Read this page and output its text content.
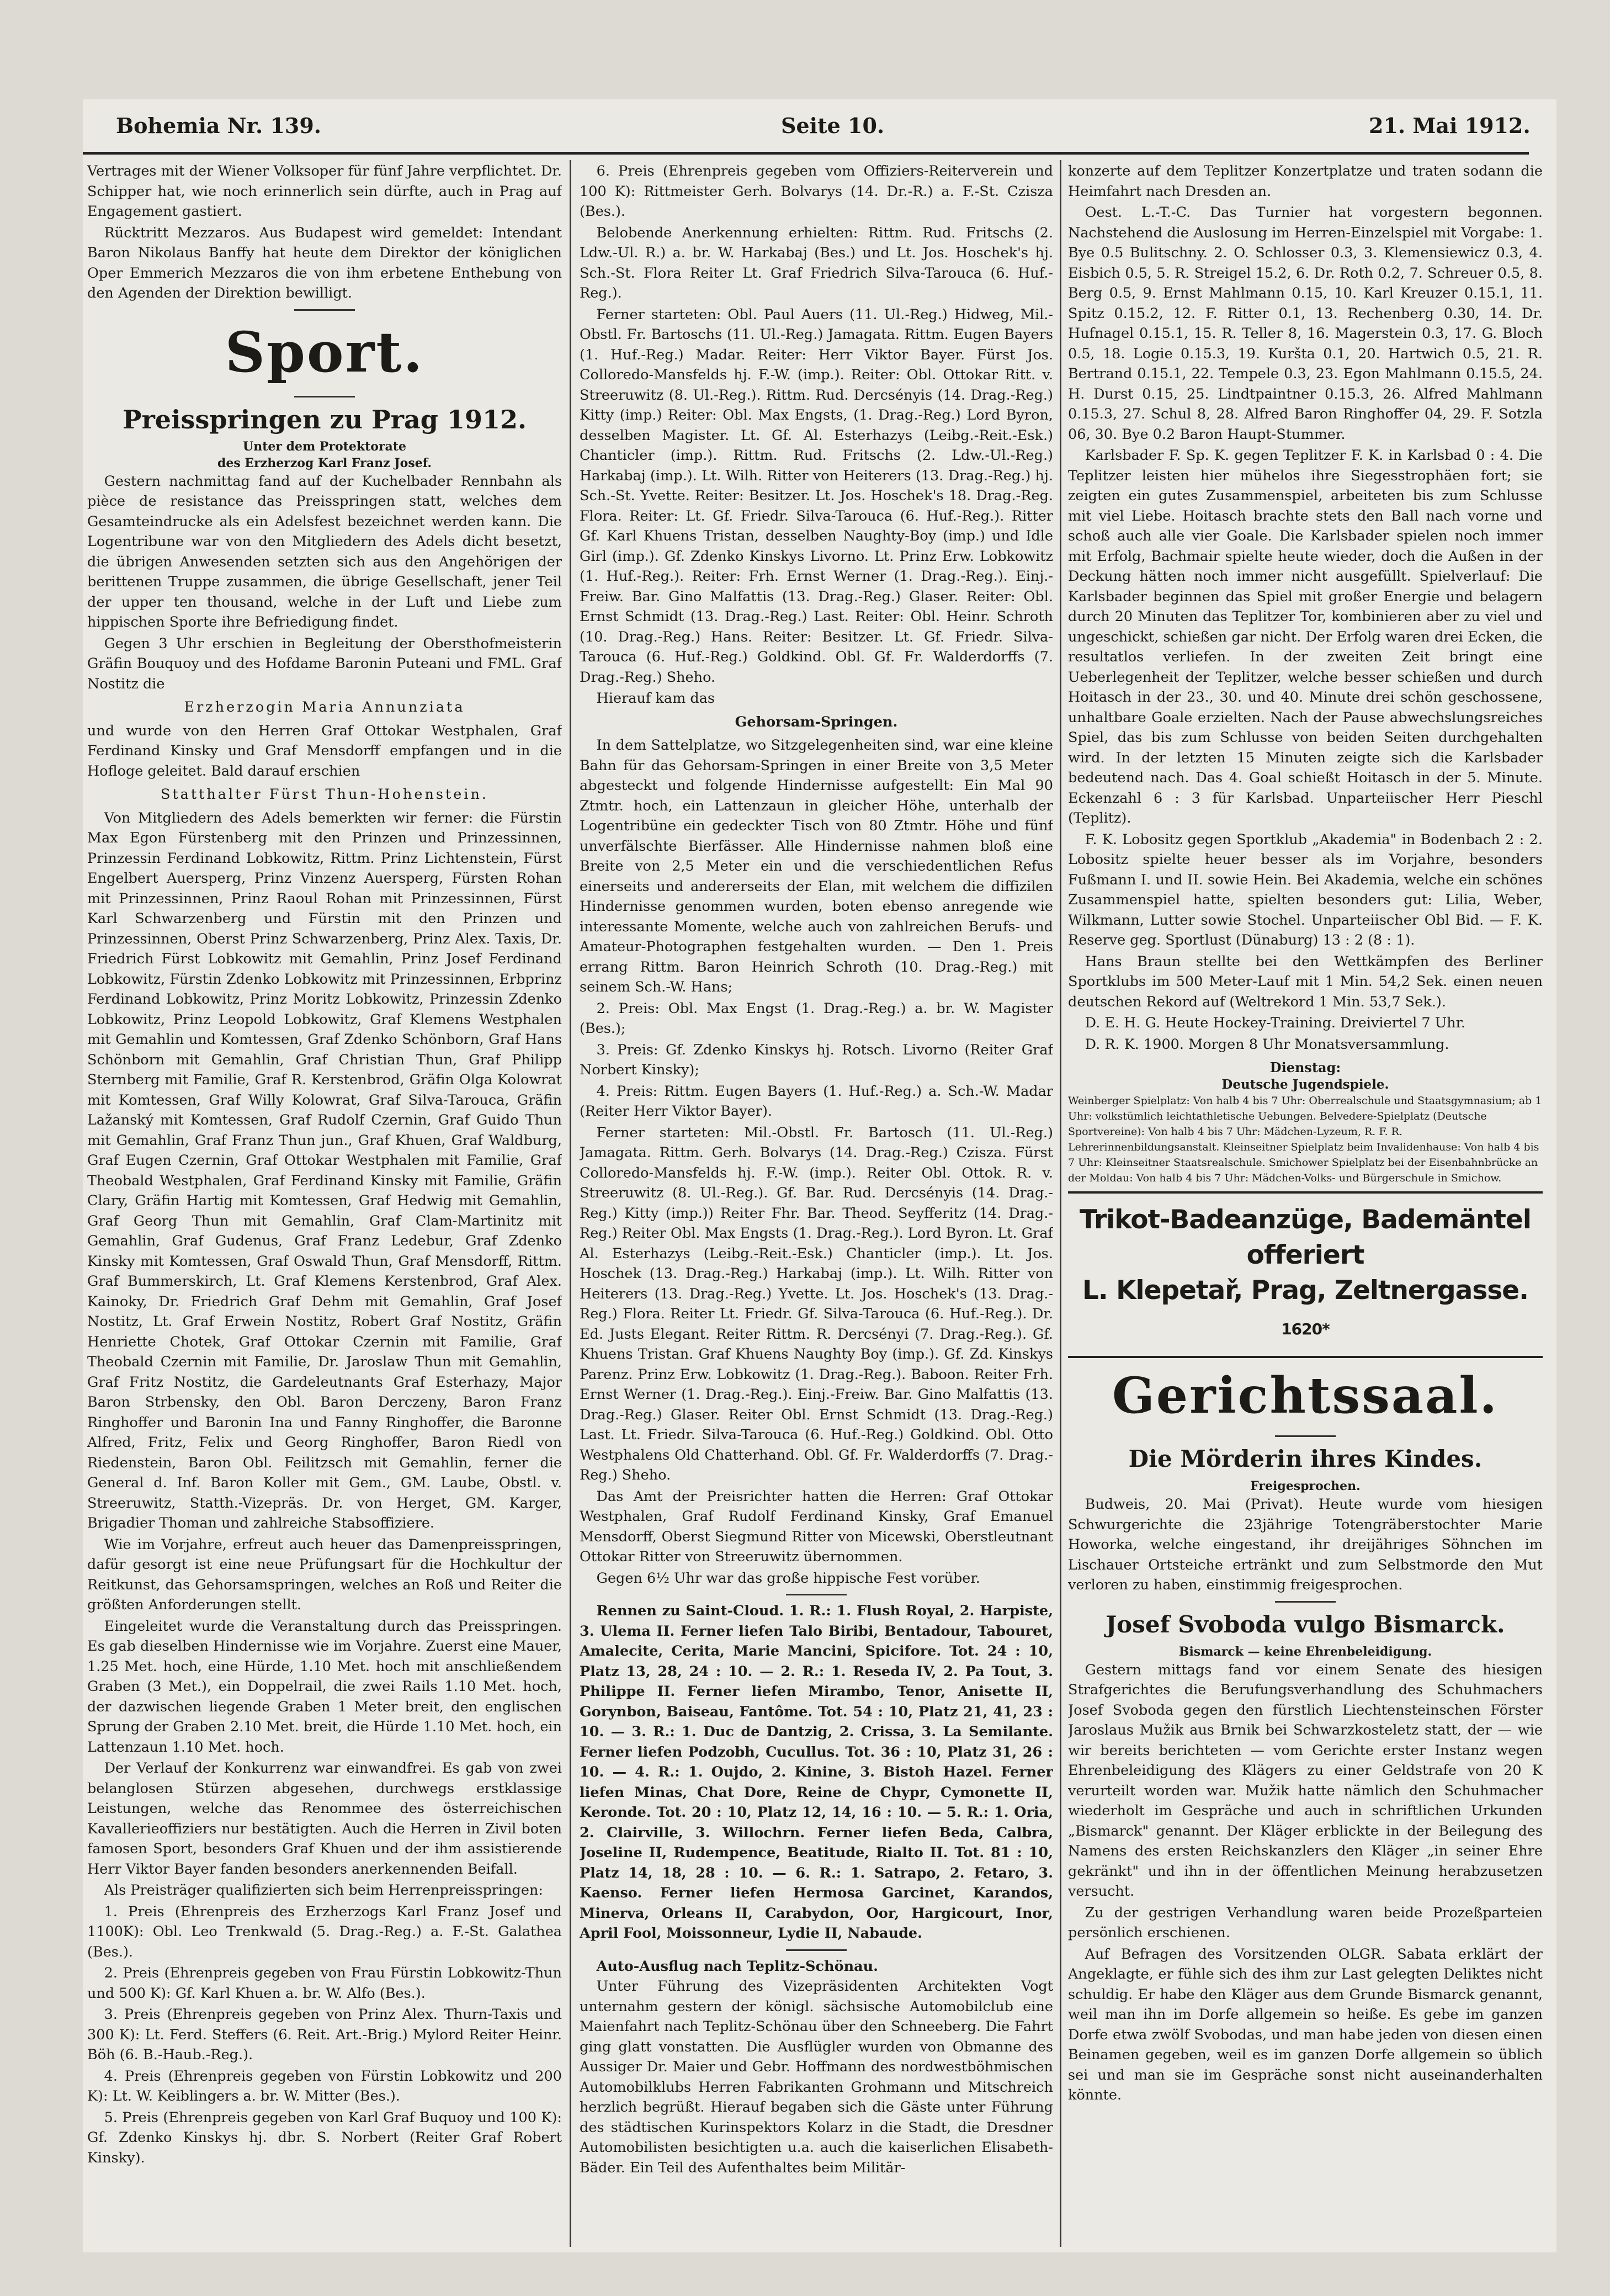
Bohemia Nr. 139.	Seite 10.	21. Mai 1912.

Vertrages mit der Wiener Volksoper für fünf Jahre verpflichtet. Dr. Schipper hat, wie noch erinnerlich sein dürfte, auch in Prag auf Engagement gastiert.

Rücktritt Mezzaros. Aus Budapest wird gemeldet: Intendant Baron Nikolaus Banffy hat heute dem Direktor der königlichen Oper Emmerich Mezzaros die von ihm erbetene Enthebung von den Agenden der Direktion bewilligt.

Sport.
Preisspringen zu Prag 1912.
Unter dem Protektorate
des Erzherzog Karl Franz Josef.

Gestern nachmittag fand auf der Kuchelbader Rennbahn als pièce de resistance das Preisspringen statt, welches dem Gesamteindrucke als ein Adelsfest bezeichnet werden kann. Die Logentribune war von den Mitgliedern des Adels dicht besetzt, die übrigen Anwesenden setzten sich aus den Angehörigen der berittenen Truppe zusammen, die übrige Gesellschaft, jener Teil der upper ten thousand, welche in der Luft und Liebe zum hippischen Sporte ihre Befriedigung findet.

Gegen 3 Uhr erschien in Begleitung der Obersthofmeisterin Gräfin Bouquoy und des Hofdame Baronin Puteani und FML. Graf Nostitz die

Erzherzogin Maria Annunziata

und wurde von den Herren Graf Ottokar Westphalen, Graf Ferdinand Kinsky und Graf Mensdorff empfangen und in die Hofloge geleitet. Bald darauf erschien

Statthalter Fürst Thun-Hohenstein.

Von Mitgliedern des Adels bemerkten wir ferner: die Fürstin Max Egon Fürstenberg mit den Prinzen und Prinzessinnen, Prinzessin Ferdinand Lobkowitz, Rittm. Prinz Lichtenstein, Fürst Engelbert Auersperg, Prinz Vinzenz Auersperg, Fürsten Rohan mit Prinzessinnen, Prinz Raoul Rohan mit Prinzessinnen, Fürst Karl Schwarzenberg und Fürstin mit den Prinzen und Prinzessinnen, Oberst Prinz Schwarzenberg, Prinz Alex. Taxis, Dr. Friedrich Fürst Lobkowitz mit Gemahlin, Prinz Josef Ferdinand Lobkowitz, Fürstin Zdenko Lobkowitz mit Prinzessinnen, Erbprinz Ferdinand Lobkowitz, Prinz Moritz Lobkowitz, Prinzessin Zdenko Lobkowitz, Prinz Leopold Lobkowitz, Graf Klemens Westphalen mit Gemahlin und Komtessen, Graf Zdenko Schönborn, Graf Hans Schönborn mit Gemahlin, Graf Christian Thun, Graf Philipp Sternberg mit Familie, Graf R. Kerstenbrod, Gräfin Olga Kolowrat mit Komtessen, Graf Willy Kolowrat, Graf Silva-Tarouca, Gräfin Lažanský mit Komtessen, Graf Rudolf Czernin, Graf Guido Thun mit Gemahlin, Graf Franz Thun jun., Graf Khuen, Graf Waldburg, Graf Eugen Czernin, Graf Ottokar Westphalen mit Familie, Graf Theobald Westphalen, Graf Ferdinand Kinsky mit Familie, Gräfin Clary, Gräfin Hartig mit Komtessen, Graf Hedwig mit Gemahlin, Graf Georg Thun mit Gemahlin, Graf Clam-Martinitz mit Gemahlin, Graf Gudenus, Graf Franz Ledebur, Graf Zdenko Kinsky mit Komtessen, Graf Oswald Thun, Graf Mensdorff, Rittm. Graf Bummerskirch, Lt. Graf Klemens Kerstenbrod, Graf Alex. Kainoky, Dr. Friedrich Graf Dehm mit Gemahlin, Graf Josef Nostitz, Lt. Graf Erwein Nostitz, Robert Graf Nostitz, Gräfin Henriette Chotek, Graf Ottokar Czernin mit Familie, Graf Theobald Czernin mit Familie, Dr. Jaroslaw Thun mit Gemahlin, Graf Fritz Nostitz, die Gardeleutnants Graf Esterhazy, Major Baron Strbensky, den Obl. Baron Derczeny, Baron Franz Ringhoffer und Baronin Ina und Fanny Ringhoffer, die Baronne Alfred, Fritz, Felix und Georg Ringhoffer, Baron Riedl von Riedenstein, Baron Obl. Feilitzsch mit Gemahlin, ferner die General d. Inf. Baron Koller mit Gem., GM. Laube, Obstl. v. Streeruwitz, Statth.-Vizepräs. Dr. von Herget, GM. Karger, Brigadier Thoman und zahlreiche Stabsoffiziere.

Wie im Vorjahre, erfreut auch heuer das Damenpreisspringen, dafür gesorgt ist eine neue Prüfungsart für die Hochkultur der Reitkunst, das Gehorsamspringen, welches an Roß und Reiter die größten Anforderungen stellt.

Eingeleitet wurde die Veranstaltung durch das Preisspringen. Es gab dieselben Hindernisse wie im Vorjahre. Zuerst eine Mauer, 1.25 Met. hoch, eine Hürde, 1.10 Met. hoch mit anschließendem Graben (3 Met.), ein Doppelrail, die zwei Rails 1.10 Met. hoch, der dazwischen liegende Graben 1 Meter breit, den englischen Sprung der Graben 2.10 Met. breit, die Hürde 1.10 Met. hoch, ein Lattenzaun 1.10 Met. hoch.

Der Verlauf der Konkurrenz war einwandfrei. Es gab von zwei belanglosen Stürzen abgesehen, durchwegs erstklassige Leistungen, welche das Renommee des österreichischen Kavallerieoffiziers nur bestätigten. Auch die Herren in Zivil boten famosen Sport, besonders Graf Khuen und der ihm assistierende Herr Viktor Bayer fanden besonders anerkennenden Beifall.

Als Preisträger qualifizierten sich beim Herrenpreisspringen:

1. Preis (Ehrenpreis des Erzherzogs Karl Franz Josef und 1100K): Obl. Leo Trenkwald (5. Drag.-Reg.) a. F.-St. Galathea (Bes.).

2. Preis (Ehrenpreis gegeben von Frau Fürstin Lobkowitz-Thun und 500 K): Gf. Karl Khuen a. br. W. Alfo (Bes.).

3. Preis (Ehrenpreis gegeben von Prinz Alex. Thurn-Taxis und 300 K): Lt. Ferd. Steffers (6. Reit. Art.-Brig.) Mylord Reiter Heinr. Böh (6. B.-Haub.-Reg.).

4. Preis (Ehrenpreis gegeben von Fürstin Lobkowitz und 200 K): Lt. W. Keiblingers a. br. W. Mitter (Bes.).

5. Preis (Ehrenpreis gegeben von Karl Graf Buquoy und 100 K): Gf. Zdenko Kinskys hj. dbr. S. Norbert (Reiter Graf Robert Kinsky).

6. Preis (Ehrenpreis gegeben vom Offiziers-Reiterverein und 100 K): Rittmeister Gerh. Bolvarys (14. Dr.-R.) a. F.-St. Czisza (Bes.).

Belobende Anerkennung erhielten: Rittm. Rud. Fritschs (2. Ldw.-Ul. R.) a. br. W. Harkabaj (Bes.) und Lt. Jos. Hoschek's hj. Sch.-St. Flora Reiter Lt. Graf Friedrich Silva-Tarouca (6. Huf.-Reg.).

Ferner starteten: Obl. Paul Auers (11. Ul.-Reg.) Hidweg, Mil.-Obstl. Fr. Bartoschs (11. Ul.-Reg.) Jamagata. Rittm. Eugen Bayers (1. Huf.-Reg.) Madar. Reiter: Herr Viktor Bayer. Fürst Jos. Colloredo-Mansfelds hj. F.-W. (imp.). Reiter: Obl. Ottokar Ritt. v. Streeruwitz (8. Ul.-Reg.). Rittm. Rud. Dercsényis (14. Drag.-Reg.) Kitty (imp.) Reiter: Obl. Max Engsts, (1. Drag.-Reg.) Lord Byron, desselben Magister. Lt. Gf. Al. Esterhazys (Leibg.-Reit.-Esk.) Chanticler (imp.). Rittm. Rud. Fritschs (2. Ldw.-Ul.-Reg.) Harkabaj (imp.). Lt. Wilh. Ritter von Heiterers (13. Drag.-Reg.) hj. Sch.-St. Yvette. Reiter: Besitzer. Lt. Jos. Hoschek's 18. Drag.-Reg. Flora. Reiter: Lt. Gf. Friedr. Silva-Tarouca (6. Huf.-Reg.). Ritter Gf. Karl Khuens Tristan, desselben Naughty-Boy (imp.) und Idle Girl (imp.). Gf. Zdenko Kinskys Livorno. Lt. Prinz Erw. Lobkowitz (1. Huf.-Reg.). Reiter: Frh. Ernst Werner (1. Drag.-Reg.). Einj.-Freiw. Bar. Gino Malfattis (13. Drag.-Reg.) Glaser. Reiter: Obl. Ernst Schmidt (13. Drag.-Reg.) Last. Reiter: Obl. Heinr. Schroth (10. Drag.-Reg.) Hans. Reiter: Besitzer. Lt. Gf. Friedr. Silva-Tarouca (6. Huf.-Reg.) Goldkind. Obl. Gf. Fr. Walderdorffs (7. Drag.-Reg.) Sheho.

Hierauf kam das

Gehorsam-Springen.

In dem Sattelplatze, wo Sitzgelegenheiten sind, war eine kleine Bahn für das Gehorsam-Springen in einer Breite von 3,5 Meter abgesteckt und folgende Hindernisse aufgestellt: Ein Mal 90 Ztmtr. hoch, ein Lattenzaun in gleicher Höhe, unterhalb der Logentribüne ein gedeckter Tisch von 80 Ztmtr. Höhe und fünf unverfälschte Bierfässer. Alle Hindernisse nahmen bloß eine Breite von 2,5 Meter ein und die verschiedentlichen Refus einerseits und andererseits der Elan, mit welchem die diffizilen Hindernisse genommen wurden, boten ebenso anregende wie interessante Momente, welche auch von zahlreichen Berufs- und Amateur-Photographen festgehalten wurden. — Den 1. Preis errang Rittm. Baron Heinrich Schroth (10. Drag.-Reg.) mit seinem Sch.-W. Hans;

2. Preis: Obl. Max Engst (1. Drag.-Reg.) a. br. W. Magister (Bes.);

3. Preis: Gf. Zdenko Kinskys hj. Rotsch. Livorno (Reiter Graf Norbert Kinsky);

4. Preis: Rittm. Eugen Bayers (1. Huf.-Reg.) a. Sch.-W. Madar (Reiter Herr Viktor Bayer).

Ferner starteten: Mil.-Obstl. Fr. Bartosch (11. Ul.-Reg.) Jamagata. Rittm. Gerh. Bolvarys (14. Drag.-Reg.) Czisza. Fürst Colloredo-Mansfelds hj. F.-W. (imp.). Reiter Obl. Ottok. R. v. Streeruwitz (8. Ul.-Reg.). Gf. Bar. Rud. Dercsényis (14. Drag.-Reg.) Kitty (imp.)) Reiter Fhr. Bar. Theod. Seyfferitz (14. Drag.-Reg.) Reiter Obl. Max Engsts (1. Drag.-Reg.). Lord Byron. Lt. Graf Al. Esterhazys (Leibg.-Reit.-Esk.) Chanticler (imp.). Lt. Jos. Hoschek (13. Drag.-Reg.) Harkabaj (imp.). Lt. Wilh. Ritter von Heiterers (13. Drag.-Reg.) Yvette. Lt. Jos. Hoschek's (13. Drag.-Reg.) Flora. Reiter Lt. Friedr. Gf. Silva-Tarouca (6. Huf.-Reg.). Dr. Ed. Justs Elegant. Reiter Rittm. R. Dercsényi (7. Drag.-Reg.). Gf. Khuens Tristan. Graf Khuens Naughty Boy (imp.). Gf. Zd. Kinskys Parenz. Prinz Erw. Lobkowitz (1. Drag.-Reg.). Baboon. Reiter Frh. Ernst Werner (1. Drag.-Reg.). Einj.-Freiw. Bar. Gino Malfattis (13. Drag.-Reg.) Glaser. Reiter Obl. Ernst Schmidt (13. Drag.-Reg.) Last. Lt. Friedr. Silva-Tarouca (6. Huf.-Reg.) Goldkind. Obl. Otto Westphalens Old Chatterhand. Obl. Gf. Fr. Walderdorffs (7. Drag.-Reg.) Sheho.

Das Amt der Preisrichter hatten die Herren: Graf Ottokar Westphalen, Graf Rudolf Ferdinand Kinsky, Graf Emanuel Mensdorff, Oberst Siegmund Ritter von Micewski, Oberstleutnant Ottokar Ritter von Streeruwitz übernommen.

Gegen 6½ Uhr war das große hippische Fest vorüber.

Rennen zu Saint-Cloud. 1. R.: 1. Flush Royal, 2. Harpiste, 3. Ulema II. Ferner liefen Talo Biribi, Bentadour, Tabouret, Amalecite, Cerita, Marie Mancini, Spicifore. Tot. 24 : 10, Platz 13, 28, 24 : 10. — 2. R.: 1. Reseda IV, 2. Pa Tout, 3. Philippe II. Ferner liefen Mirambo, Tenor, Anisette II, Gorynbon, Baiseau, Fantôme. Tot. 54 : 10, Platz 21, 41, 23 : 10. — 3. R.: 1. Duc de Dantzig, 2. Crissa, 3. La Semilante. Ferner liefen Podzobh, Cucullus. Tot. 36 : 10, Platz 31, 26 : 10. — 4. R.: 1. Oujdo, 2. Kinine, 3. Bistoh Hazel. Ferner liefen Minas, Chat Dore, Reine de Chypr, Cymonette II, Keronde. Tot. 20 : 10, Platz 12, 14, 16 : 10. — 5. R.: 1. Oria, 2. Clairville, 3. Willochrn. Ferner liefen Beda, Calbra, Joseline II, Rudempence, Beatitude, Rialto II. Tot. 81 : 10, Platz 14, 18, 28 : 10. — 6. R.: 1. Satrapo, 2. Fetaro, 3. Kaenso. Ferner liefen Hermosa Garcinet, Karandos, Minerva, Orleans II, Carabydon, Oor, Hargicourt, Inor, April Fool, Moissonneur, Lydie II, Nabaude.

Auto-Ausflug nach Teplitz-Schönau.

Unter Führung des Vizepräsidenten Architekten Vogt unternahm gestern der königl. sächsische Automobilclub eine Maienfahrt nach Teplitz-Schönau über den Schneeberg. Die Fahrt ging glatt vonstatten. Die Ausflügler wurden von Obmanne des Aussiger Dr. Maier und Gebr. Hoffmann des nordwestböhmischen Automobilklubs Herren Fabrikanten Grohmann und Mitschreich herzlich begrüßt. Hierauf begaben sich die Gäste unter Führung des städtischen Kurinspektors Kolarz in die Stadt, die Dresdner Automobilisten besichtigten u.a. auch die kaiserlichen Elisabeth-Bäder. Ein Teil des Aufenthaltes beim Militär-

konzerte auf dem Teplitzer Konzertplatze und traten sodann die Heimfahrt nach Dresden an.

Oest. L.-T.-C. Das Turnier hat vorgestern begonnen. Nachstehend die Auslosung im Herren-Einzelspiel mit Vorgabe: 1. Bye 0.5 Bulitschny. 2. O. Schlosser 0.3, 3. Klemensiewicz 0.3, 4. Eisbich 0.5, 5. R. Streigel 15.2, 6. Dr. Roth 0.2, 7. Schreuer 0.5, 8. Berg 0.5, 9. Ernst Mahlmann 0.15, 10. Karl Kreuzer 0.15.1, 11. Spitz 0.15.2, 12. F. Ritter 0.1, 13. Rechenberg 0.30, 14. Dr. Hufnagel 0.15.1, 15. R. Teller 8, 16. Magerstein 0.3, 17. G. Bloch 0.5, 18. Logie 0.15.3, 19. Kuršta 0.1, 20. Hartwich 0.5, 21. R. Bertrand 0.15.1, 22. Tempele 0.3, 23. Egon Mahlmann 0.15.5, 24. H. Durst 0.15, 25. Lindtpaintner 0.15.3, 26. Alfred Mahlmann 0.15.3, 27. Schul 8, 28. Alfred Baron Ringhoffer 04, 29. F. Sotzla 06, 30. Bye 0.2 Baron Haupt-Stummer.

Karlsbader F. Sp. K. gegen Teplitzer F. K. in Karlsbad 0 : 4. Die Teplitzer leisten hier mühelos ihre Siegesstrophäen fort; sie zeigten ein gutes Zusammenspiel, arbeiteten bis zum Schlusse mit viel Liebe. Hoitasch brachte stets den Ball nach vorne und schoß auch alle vier Goale. Die Karlsbader spielen noch immer mit Erfolg, Bachmair spielte heute wieder, doch die Außen in der Deckung hätten noch immer nicht ausgefüllt. Spielverlauf: Die Karlsbader beginnen das Spiel mit großer Energie und belagern durch 20 Minuten das Teplitzer Tor, kombinieren aber zu viel und ungeschickt, schießen gar nicht. Der Erfolg waren drei Ecken, die resultatlos verliefen. In der zweiten Zeit bringt eine Ueberlegenheit der Teplitzer, welche besser schießen und durch Hoitasch in der 23., 30. und 40. Minute drei schön geschossene, unhaltbare Goale erzielten. Nach der Pause abwechslungsreiches Spiel, das bis zum Schlusse von beiden Seiten durchgehalten wird. In der letzten 15 Minuten zeigte sich die Karlsbader bedeutend nach. Das 4. Goal schießt Hoitasch in der 5. Minute. Eckenzahl 6 : 3 für Karlsbad. Unparteiischer Herr Pieschl (Teplitz).

F. K. Lobositz gegen Sportklub „Akademia" in Bodenbach 2 : 2. Lobositz spielte heuer besser als im Vorjahre, besonders Fußmann I. und II. sowie Hein. Bei Akademia, welche ein schönes Zusammenspiel hatte, spielten besonders gut: Lilia, Weber, Wilkmann, Lutter sowie Stochel. Unparteiischer Obl Bid. — F. K. Reserve geg. Sportlust (Dünaburg) 13 : 2 (8 : 1).

Hans Braun stellte bei den Wettkämpfen des Berliner Sportklubs im 500 Meter-Lauf mit 1 Min. 54,2 Sek. einen neuen deutschen Rekord auf (Weltrekord 1 Min. 53,7 Sek.).

D. E. H. G. Heute Hockey-Training. Dreiviertel 7 Uhr.

D. R. K. 1900. Morgen 8 Uhr Monatsversammlung.

Dienstag:
Deutsche Jugendspiele.
Weinberger Spielplatz: Von halb 4 bis 7 Uhr: Oberrealschule und Staatsgymnasium; ab 1 Uhr: volkstümlich leichtathletische Uebungen. Belvedere-Spielplatz (Deutsche Sportvereine): Von halb 4 bis 7 Uhr: Mädchen-Lyzeum, R. F. R. Lehrerinnenbildungsanstalt. Kleinseitner Spielplatz beim Invalidenhause: Von halb 4 bis 7 Uhr: Kleinseitner Staatsrealschule. Smichower Spielplatz bei der Eisenbahnbrücke an der Moldau: Von halb 4 bis 7 Uhr: Mädchen-Volks- und Bürgerschule in Smichow.
Trikot-Badeanzüge, Bademäntel offeriert
L. Klepetař, Prag, Zeltnergasse. 1620*
Gerichtssaal.
Die Mörderin ihres Kindes.
Freigesprochen.

Budweis, 20. Mai (Privat). Heute wurde vom hiesigen Schwurgerichte die 23jährige Totengräberstochter Marie Howorka, welche eingestand, ihr dreijähriges Söhnchen im Lischauer Ortsteiche ertränkt und zum Selbstmorde den Mut verloren zu haben, einstimmig freigesprochen.

Josef Svoboda vulgo Bismarck.
Bismarck — keine Ehrenbeleidigung.

Gestern mittags fand vor einem Senate des hiesigen Strafgerichtes die Berufungsverhandlung des Schuhmachers Josef Svoboda gegen den fürstlich Liechtensteinschen Förster Jaroslaus Mužik aus Brnik bei Schwarzkosteletz statt, der — wie wir bereits berichteten — vom Gerichte erster Instanz wegen Ehrenbeleidigung des Klägers zu einer Geldstrafe von 20 K verurteilt worden war. Mužik hatte nämlich den Schuhmacher wiederholt im Gespräche und auch in schriftlichen Urkunden „Bismarck" genannt. Der Kläger erblickte in der Beilegung des Namens des ersten Reichskanzlers den Kläger „in seiner Ehre gekränkt" und ihn in der öffentlichen Meinung herabzusetzen versucht.

Zu der gestrigen Verhandlung waren beide Prozeßparteien persönlich erschienen.

Auf Befragen des Vorsitzenden OLGR. Sabata erklärt der Angeklagte, er fühle sich des ihm zur Last gelegten Deliktes nicht schuldig. Er habe den Kläger aus dem Grunde Bismarck genannt, weil man ihn im Dorfe allgemein so heiße. Es gebe im ganzen Dorfe etwa zwölf Svobodas, und man habe jeden von diesen einen Beinamen gegeben, weil es im ganzen Dorfe allgemein so üblich sei und man sie im Gespräche sonst nicht auseinanderhalten könnte.
